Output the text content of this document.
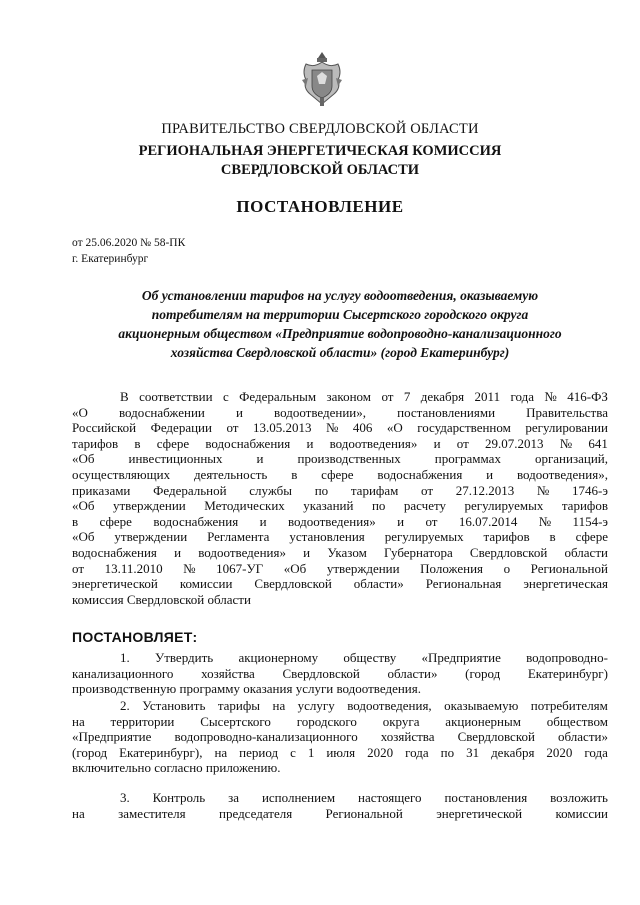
ПРАВИТЕЛЬСТВО СВЕРДЛОВСКОЙ ОБЛАСТИ
РЕГИОНАЛЬНАЯ ЭНЕРГЕТИЧЕСКАЯ КОМИССИЯ
СВЕРДЛОВСКОЙ ОБЛАСТИ
ПОСТАНОВЛЕНИЕ
от 25.06.2020 № 58-ПК
г. Екатеринбург
Об установлении тарифов на услугу водоотведения, оказываемую
потребителям на территории Сысертского городского округа
акционерным обществом «Предприятие водопроводно-канализационного
хозяйства Свердловской области» (город Екатеринбург)
В соответствии с Федеральным законом от 7 декабря 2011 года № 416-ФЗ
«О водоснабжении и водоотведении», постановлениями Правительства
Российской Федерации от 13.05.2013 № 406 «О государственном регулировании
тарифов в сфере водоснабжения и водоотведения» и от 29.07.2013 № 641
«Об	инвестиционных	и	производственных	программах	организаций,
осуществляющих деятельность в сфере водоснабжения и водоотведения»,
приказами Федеральной службы по тарифам от 27.12.2013 № 1746-э
«Об утверждении Методических указаний по расчету регулируемых тарифов
в сфере водоснабжения и водоотведения» и от 16.07.2014 № 1154-э
«Об утверждении Регламента установления регулируемых тарифов в сфере
водоснабжения и водоотведения» и Указом Губернатора Свердловской области
от 13.11.2010 № 1067-УГ «Об утверждении Положения о Региональной
энергетической комиссии Свердловской области» Региональная энергетическая
комиссия Свердловской области
ПОСТАНОВЛЯЕТ:
1. Утвердить акционерному обществу «Предприятие водопроводно-
канализационного хозяйства Свердловской области» (город Екатеринбург)
производственную программу оказания услуги водоотведения.
2. Установить тарифы на услугу водоотведения, оказываемую потребителям
на территории Сысертского городского округа акционерным обществом
«Предприятие водопроводно-канализационного хозяйства Свердловской области»
(город Екатеринбург), на период с 1 июля 2020 года по 31 декабря 2020 года
включительно согласно приложению.
3. Контроль за исполнением настоящего постановления возложить
на	заместителя	председателя	Региональной	энергетической	комиссии
